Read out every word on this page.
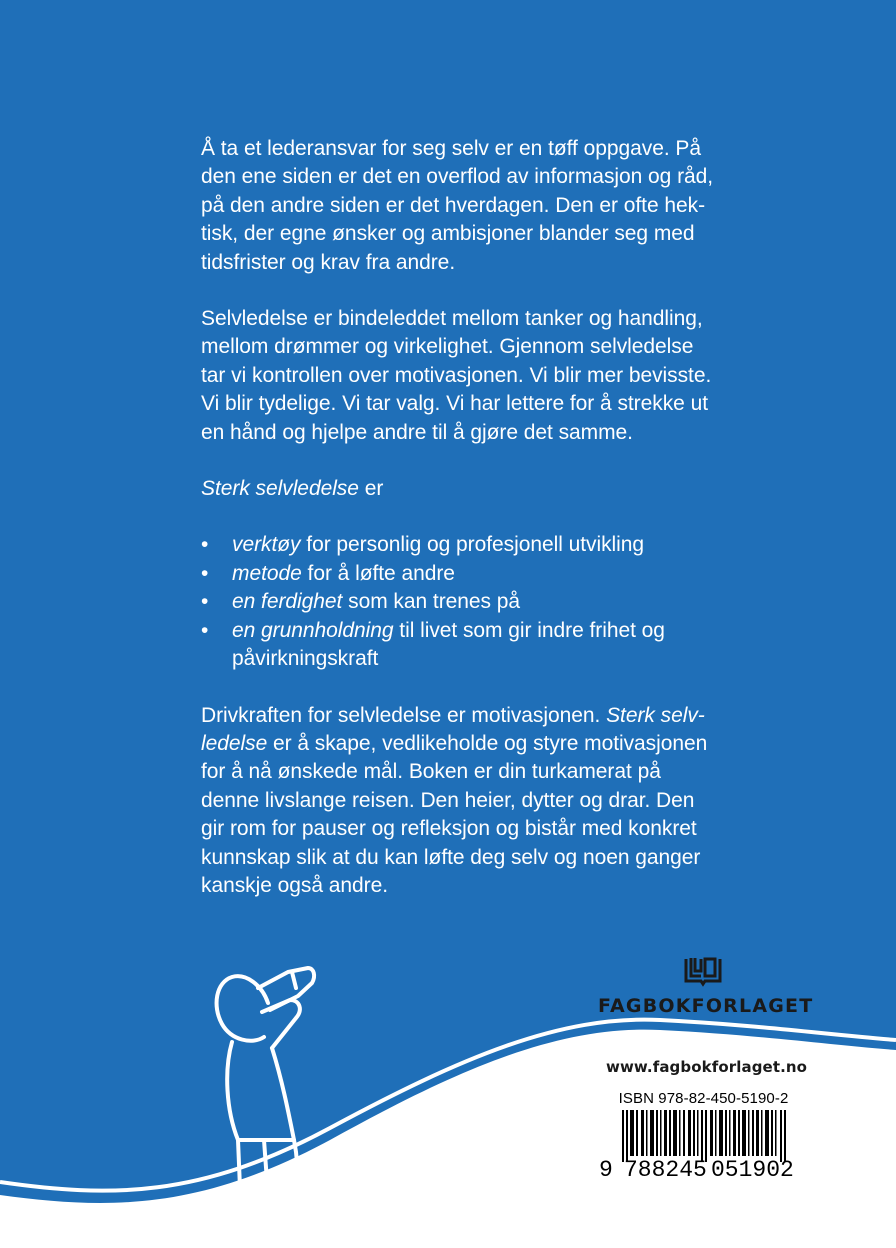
Å ta et lederansvar for seg selv er en tøff oppgave. På
den ene siden er det en overflod av informasjon og råd,
på den andre siden er det hverdagen. Den er ofte hek-
tisk, der egne ønsker og ambisjoner blander seg med
tidsfrister og krav fra andre.

Selvledelse er bindeleddet mellom tanker og handling,
mellom drømmer og virkelighet. Gjennom selvledelse
tar vi kontrollen over motivasjonen. Vi blir mer bevisste.
Vi blir tydelige. Vi tar valg. Vi har lettere for å strekke ut
en hånd og hjelpe andre til å gjøre det samme.

Sterk selvledelse er

• verktøy for personlig og profesjonell utvikling
• metode for å løfte andre
• en ferdighet som kan trenes på
• en grunnholdning til livet som gir indre frihet og
påvirkningskraft

Drivkraften for selvledelse er motivasjonen. Sterk selv-
ledelse er å skape, vedlikeholde og styre motivasjonen
for å nå ønskede mål. Boken er din turkamerat på
denne livslange reisen. Den heier, dytter og drar. Den
gir rom for pauser og refleksjon og bistår med konkret
kunnskap slik at du kan løfte deg selv og noen ganger
kanskje også andre.

FAGBOKFORLAGET
www.fagbokforlaget.no
ISBN 978-82-450-5190-2
9 788245 051902
